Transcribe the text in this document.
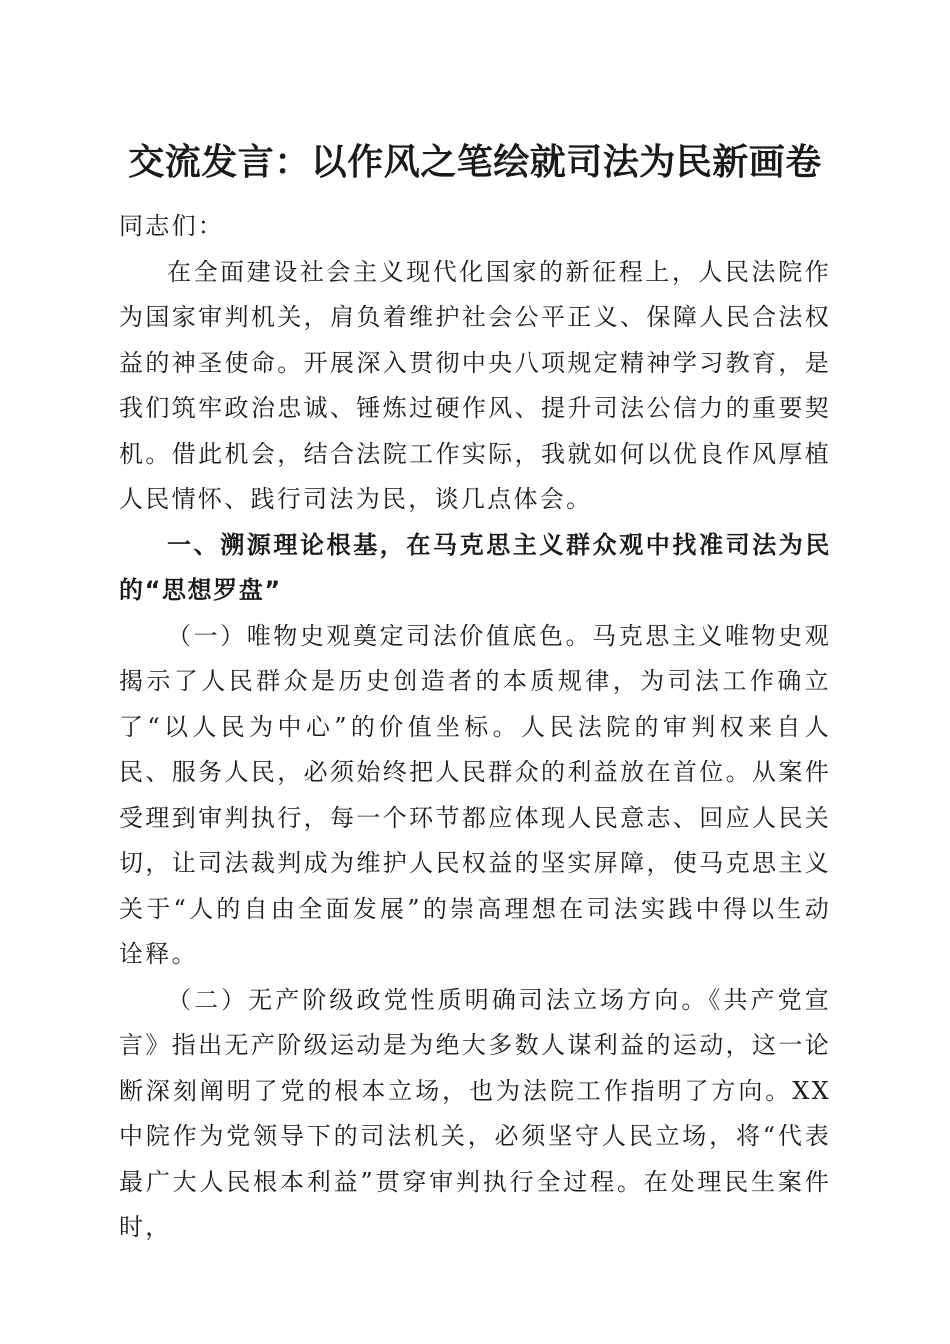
交流发言：以作风之笔绘就司法为民新画卷

同志们：

在全面建设社会主义现代化国家的新征程上，人民法院作为国家审判机关，肩负着维护社会公平正义、保障人民合法权益的神圣使命。开展深入贯彻中央八项规定精神学习教育，是我们筑牢政治忠诚、锤炼过硬作风、提升司法公信力的重要契机。借此机会，结合法院工作实际，我就如何以优良作风厚植人民情怀、践行司法为民，谈几点体会。

一、溯源理论根基，在马克思主义群众观中找准司法为民的“思想罗盘”

（一）唯物史观奠定司法价值底色。马克思主义唯物史观揭示了人民群众是历史创造者的本质规律，为司法工作确立了“以人民为中心”的价值坐标。人民法院的审判权来自人民、服务人民，必须始终把人民群众的利益放在首位。从案件受理到审判执行，每一个环节都应体现人民意志、回应人民关切，让司法裁判成为维护人民权益的坚实屏障，使马克思主义关于“人的自由全面发展”的崇高理想在司法实践中得以生动诠释。

（二）无产阶级政党性质明确司法立场方向。《共产党宣言》指出无产阶级运动是为绝大多数人谋利益的运动，这一论断深刻阐明了党的根本立场，也为法院工作指明了方向。XX中院作为党领导下的司法机关，必须坚守人民立场，将“代表最广大人民根本利益”贯穿审判执行全过程。在处理民生案件时，
